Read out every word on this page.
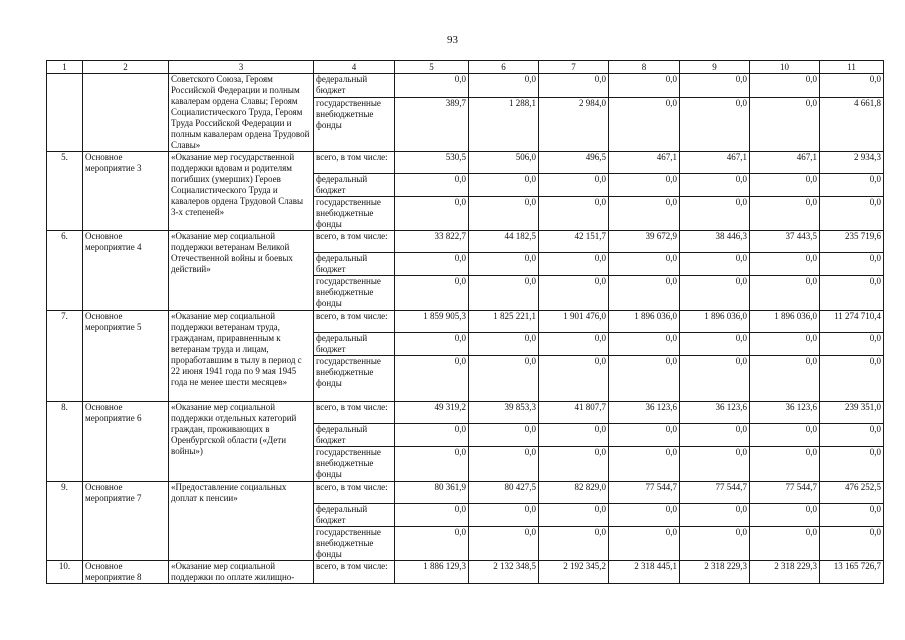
93
1	2	3	4	5	6	7	8	9	10	11
		Советского Союза, Героям Российской Федерации и полным кавалерам ордена Славы; Героям Социалистического Труда, Героям Труда Российской Федерации и полным кавалерам ордена Трудовой Славы»	федеральный бюджет	0,0	0,0	0,0	0,0	0,0	0,0	0,0
			государственные внебюджетные фонды	389,7	1 288,1	2 984,0	0,0	0,0	0,0	4 661,8
5.	Основное мероприятие 3	«Оказание мер государственной поддержки вдовам и родителям погибших (умерших) Героев Социалистического Труда и кавалеров ордена Трудовой Славы 3-х степеней»	всего, в том числе:	530,5	506,0	496,5	467,1	467,1	467,1	2 934,3
			федеральный бюджет	0,0	0,0	0,0	0,0	0,0	0,0	0,0
			государственные внебюджетные фонды	0,0	0,0	0,0	0,0	0,0	0,0	0,0
6.	Основное мероприятие 4	«Оказание мер социальной поддержки ветеранам Великой Отечественной войны и боевых действий»	всего, в том числе:	33 822,7	44 182,5	42 151,7	39 672,9	38 446,3	37 443,5	235 719,6
			федеральный бюджет	0,0	0,0	0,0	0,0	0,0	0,0	0,0
			государственные внебюджетные фонды	0,0	0,0	0,0	0,0	0,0	0,0	0,0
7.	Основное мероприятие 5	«Оказание мер социальной поддержки ветеранам труда, гражданам, приравненным к ветеранам труда и лицам, проработавшим в тылу в период с 22 июня 1941 года по 9 мая 1945 года не менее шести месяцев»	всего, в том числе:	1 859 905,3	1 825 221,1	1 901 476,0	1 896 036,0	1 896 036,0	1 896 036,0	11 274 710,4
			федеральный бюджет	0,0	0,0	0,0	0,0	0,0	0,0	0,0
			государственные внебюджетные фонды	0,0	0,0	0,0	0,0	0,0	0,0	0,0
8.	Основное мероприятие 6	«Оказание мер социальной поддержки отдельных категорий граждан, проживающих в Оренбургской области («Дети войны»)	всего, в том числе:	49 319,2	39 853,3	41 807,7	36 123,6	36 123,6	36 123,6	239 351,0
			федеральный бюджет	0,0	0,0	0,0	0,0	0,0	0,0	0,0
			государственные внебюджетные фонды	0,0	0,0	0,0	0,0	0,0	0,0	0,0
9.	Основное мероприятие 7	«Предоставление социальных доплат к пенсии»	всего, в том числе:	80 361,9	80 427,5	82 829,0	77 544,7	77 544,7	77 544,7	476 252,5
			федеральный бюджет	0,0	0,0	0,0	0,0	0,0	0,0	0,0
			государственные внебюджетные фонды	0,0	0,0	0,0	0,0	0,0	0,0	0,0
10.	Основное мероприятие 8	«Оказание мер социальной поддержки по оплате жилищно-	всего, в том числе:	1 886 129,3	2 132 348,5	2 192 345,2	2 318 445,1	2 318 229,3	2 318 229,3	13 165 726,7
